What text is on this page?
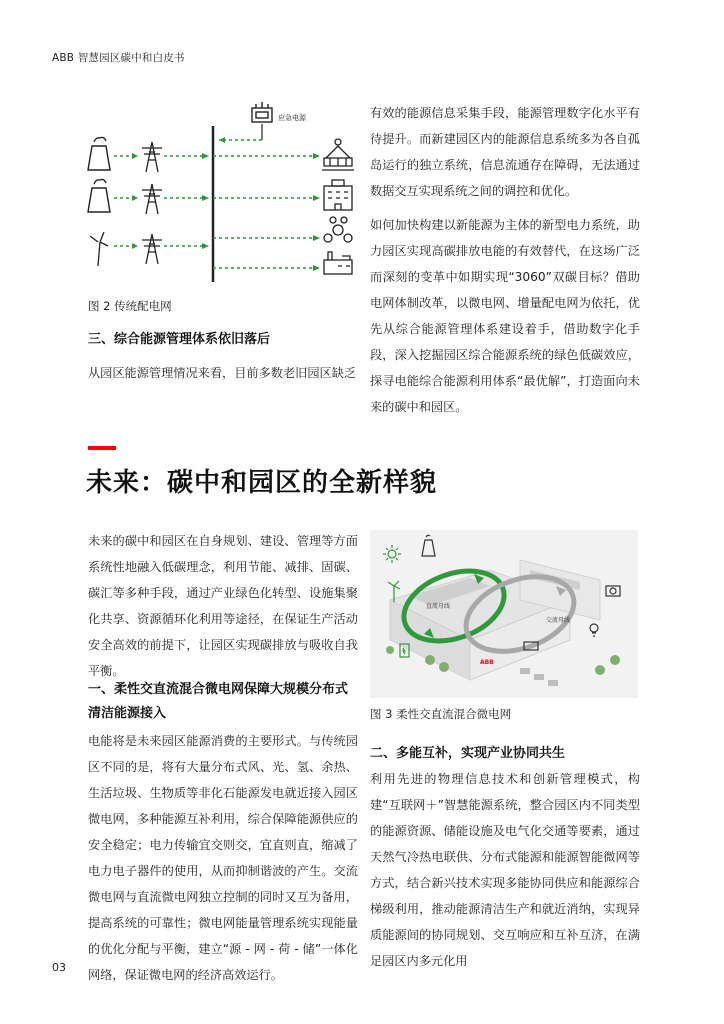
ABB 智慧园区碳中和白皮书
应急电源
图 2 传统配电网
三、综合能源管理体系依旧落后
从园区能源管理情况来看，目前多数老旧园区缺乏

有效的能源信息采集手段，能源管理数字化水平有待提升。而新建园区内的能源信息系统多为各自孤岛运行的独立系统，信息流通存在障碍，无法通过数据交互实现系统之间的调控和优化。

如何加快构建以新能源为主体的新型电力系统，助力园区实现高碳排放电能的有效替代，在这场广泛而深刻的变革中如期实现“3060”双碳目标？借助电网体制改革，以微电网、增量配电网为依托，优先从综合能源管理体系建设着手，借助数字化手段，深入挖掘园区综合能源系统的绿色低碳效应，探寻电能综合能源利用体系“最优解”，打造面向未来的碳中和园区。

未来：碳中和园区的全新样貌
未来的碳中和园区在自身规划、建设、管理等方面系统性地融入低碳理念，利用节能、减排、固碳、碳汇等多种手段，通过产业绿色化转型、设施集聚化共享、资源循环化利用等途径，在保证生产活动安全高效的前提下，让园区实现碳排放与吸收自我平衡。
一、柔性交直流混合微电网保障大规模分布式清洁能源接入
电能将是未来园区能源消费的主要形式。与传统园区不同的是，将有大量分布式风、光、氢、余热、生活垃圾、生物质等非化石能源发电就近接入园区微电网，多种能源互补利用，综合保障能源供应的安全稳定；电力传输宜交则交，宜直则直，缩减了电力电子器件的使用，从而抑制谐波的产生。交流微电网与直流微电网独立控制的同时又互为备用，提高系统的可靠性；微电网能量管理系统实现能量的优化分配与平衡，建立“源 - 网 - 荷 - 储”一体化网络，保证微电网的经济高效运行。
直流母线
交流母线
ABB
图 3 柔性交直流混合微电网
二、多能互补，实现产业协同共生
利用先进的物理信息技术和创新管理模式，构建“互联网＋”智慧能源系统，整合园区内不同类型的能源资源、储能设施及电气化交通等要素，通过天然气冷热电联供、分布式能源和能源智能微网等方式，结合新兴技术实现多能协同供应和能源综合梯级利用，推动能源清洁生产和就近消纳，实现异质能源间的协同规划、交互响应和互补互济，在满足园区内多元化用
03
